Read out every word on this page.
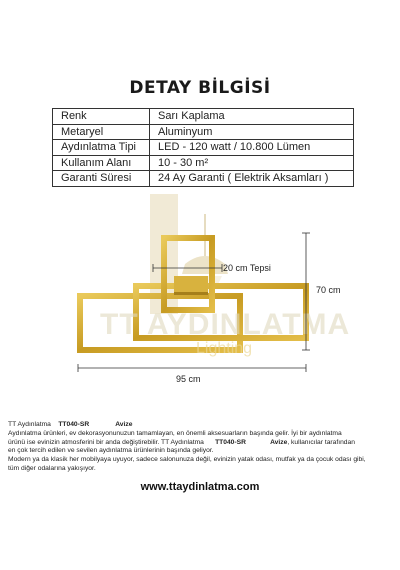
DETAY BİLGİSİ
Renk	Sarı Kaplama
Metaryel	Aluminyum
Aydınlatma Tipi	LED - 120 watt / 10.800 Lümen
Kullanım Alanı	10 - 30 m²
Garanti Süresi	24 Ay Garanti ( Elektrik Aksamları )
TT AYDINLATMA
Lighting
20 cm Tepsi
70 cm
95 cm
TT Aydınlatma TT040-SR	Avize
Aydınlatma ürünleri, ev dekorasyonunuzun tamamlayan, en önemli aksesuarların başında gelir. İyi bir aydınlatma
ürünü ise evinizin atmosferini bir anda değiştirebilir. TT Aydınlatma TT040-SR	Avize, kullanıcılar tarafından
en çok tercih edilen ve sevilen aydınlatma ürünlerinin başında geliyor.
Modern ya da klasik her mobilyaya uyuyor, sadece salonunuza değil, evinizin yatak odası, mutfak ya da çocuk odası gibi,
tüm diğer odalarına yakışıyor.
www.ttaydinlatma.com
